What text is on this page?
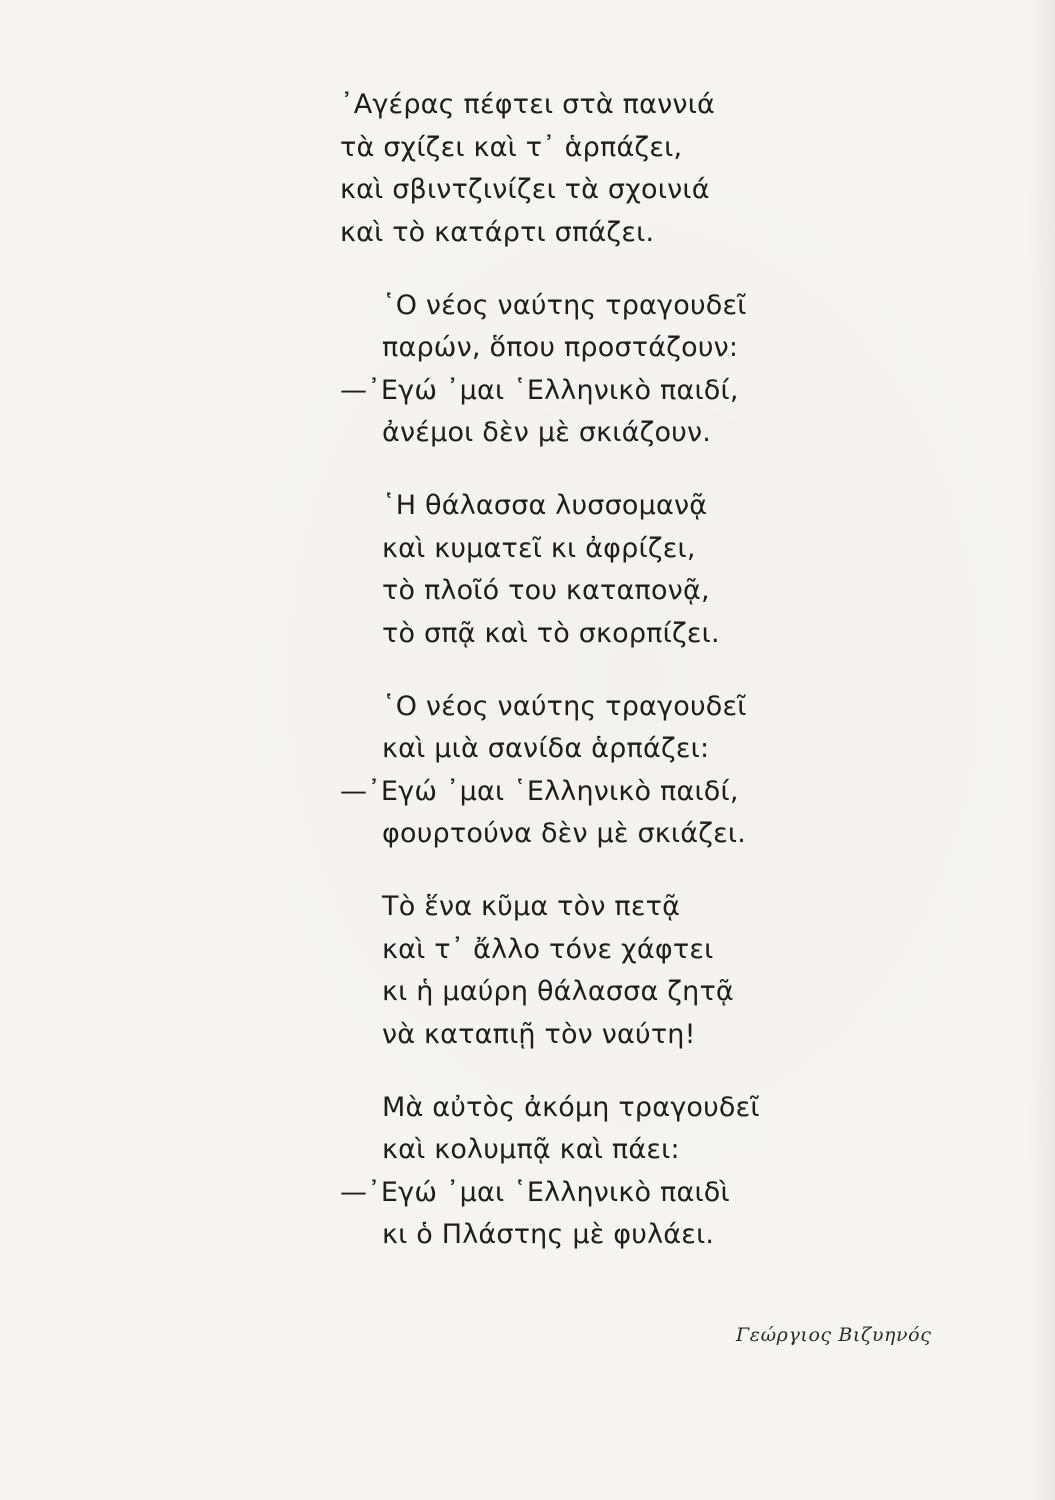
᾿Αγέρας πέφτει στὰ παννιά
τὰ σχίζει καὶ τ᾿ ἁρπάζει,
καὶ σβιντζινίζει τὰ σχοινιά
καὶ τὸ κατάρτι σπάζει.
῾Ο νέος ναύτης τραγουδεῖ
παρών, ὅπου προστάζουν:
—᾿Εγώ ᾿μαι ῾Ελληνικὸ παιδί,
ἀνέμοι δὲν μὲ σκιάζουν.
῾Η θάλασσα λυσσομανᾷ
καὶ κυματεῖ κι ἀφρίζει,
τὸ πλοῖό του καταπονᾷ,
τὸ σπᾷ καὶ τὸ σκορπίζει.
῾Ο νέος ναύτης τραγουδεῖ
καὶ μιὰ σανίδα ἁρπάζει:
—᾿Εγώ ᾿μαι ῾Ελληνικὸ παιδί,
φουρτούνα δὲν μὲ σκιάζει.
Τὸ ἕνα κῦμα τὸν πετᾷ
καὶ τ᾿ ἄλλο τόνε χάφτει
κι ἡ μαύρη θάλασσα ζητᾷ
νὰ καταπιῇ τὸν ναύτη!
Μὰ αὐτὸς ἀκόμη τραγουδεῖ
καὶ κολυμπᾷ καὶ πάει:
—᾿Εγώ ᾿μαι ῾Ελληνικὸ παιδὶ
κι ὁ Πλάστης μὲ φυλάει.
Γεώργιος Βιζυηνός
